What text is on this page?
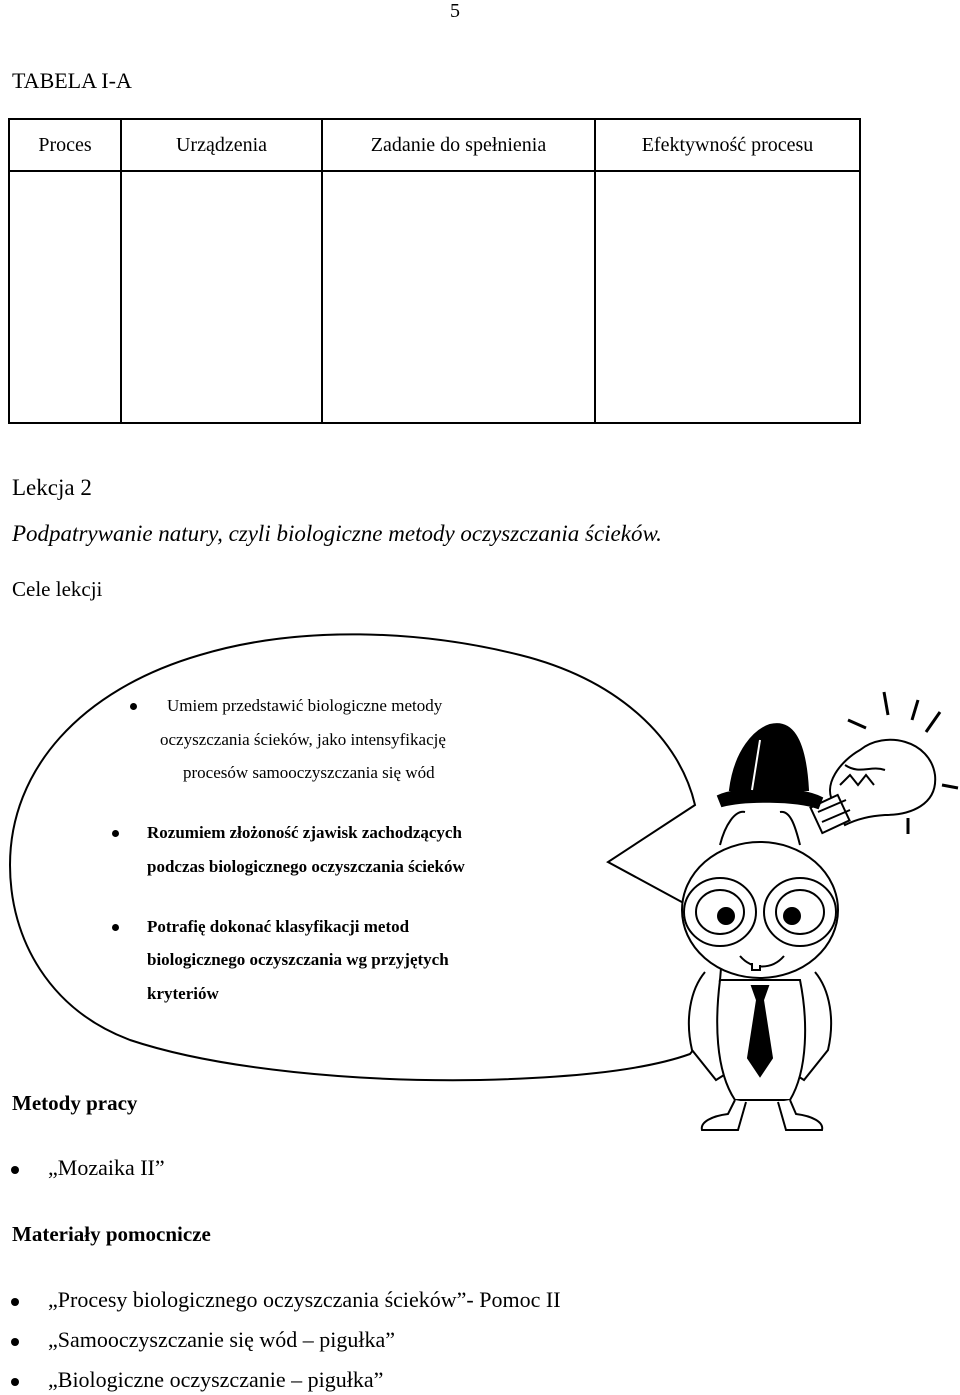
5
TABELA I-A
Proces	Urządzenia	Zadanie do spełnienia	Efektywność procesu

Lekcja 2
Podpatrywanie natury, czyli biologiczne metody oczyszczania ścieków.
Cele lekcji
Umiem przedstawić biologiczne metody
oczyszczania ścieków, jako intensyfikację
procesów samooczyszczania się wód
Rozumiem złożoność zjawisk zachodzących
podczas biologicznego oczyszczania ścieków
Potrafię dokonać klasyfikacji metod
biologicznego oczyszczania wg przyjętych
kryteriów
Metody pracy
„Mozaika II”
Materiały pomocnicze
„Procesy biologicznego oczyszczania ścieków”- Pomoc II
„Samooczyszczanie się wód – pigułka”
„Biologiczne oczyszczanie – pigułka”
